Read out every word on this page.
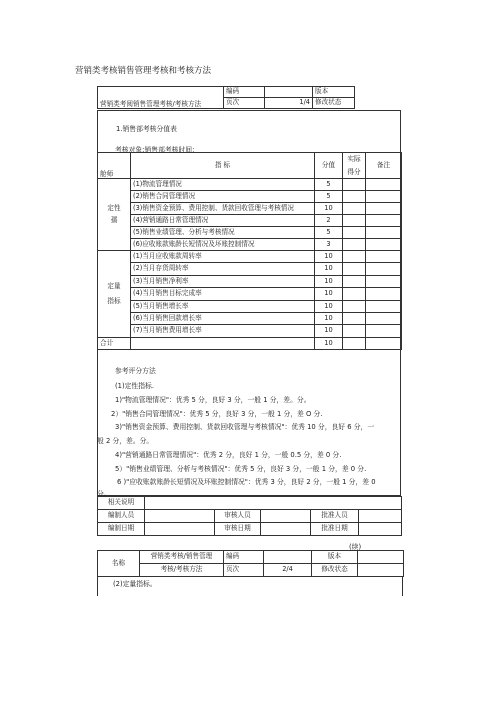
营销类考核销售管理考核和考核方法
营销类考阅销售管理考核/考核方法	编码		版本
	页次	1/4	修改状态
1.销售部考核分值表
考核对象:销售部考核时间：
舱师	指 标	分值	实际
得分	备注

定性
孺	(1)物流管理情况	5		
	(2)销售合同管理情况	5		
	(3)销售资金预算、费用控制、货款回收管理与考核情况	10		
	(4)营销通路日常管理情况	2		
	(5)销售业绩管理、分析与考核情况	5		
	(6)应收账款账龄长短情况及坏账控制情况	3		

定量
指标	(1)当月应收账款周转率	10		
	(2)当月存货周转率	10		
	(3)当月销售净利率	10		
	(4)当月销售目标完成率	10		
	(5)当月销售增长率	10		
	(6)当月销售回款增长率	10		
	(7)当月销售费用增长率	10		
合计		10		
参考评分方法
(1)定性指标.
1)"物流管理情况"：优秀 5 分，良好 3 分，一般 1 分，差。分。
2）"销售合同管理情况"：优秀 5 分，良好 3 分，一般 1 分，差 O 分.
3)"销售资金预算、费用控制、货款回收管理与考核情况"：优秀 10 分，良好 6 分，一
般 2 分，差。分。
4)"营销通路日常管理情况"：优秀 2 分，良好 1 分，一般 0.5 分，差 0 分.
5）"销售业绩管理、分析与考核情况"：优秀 5 分，良好 3 分，一般 1 分，差 0 分.
6 )"应收账款账龄长短情况及坏账控制情况"：优秀 3 分，良好 2 分，一般 1 分，差 0
分。
相关说明					
编制人员		审核人员		批准人员	
编制日期		审核日期		批准日期	
(续)
名称	营销类考核/销售管理	编码		版本	
	考核/考核方法	页次	2/4	修改状态	
(2)定量指标。
